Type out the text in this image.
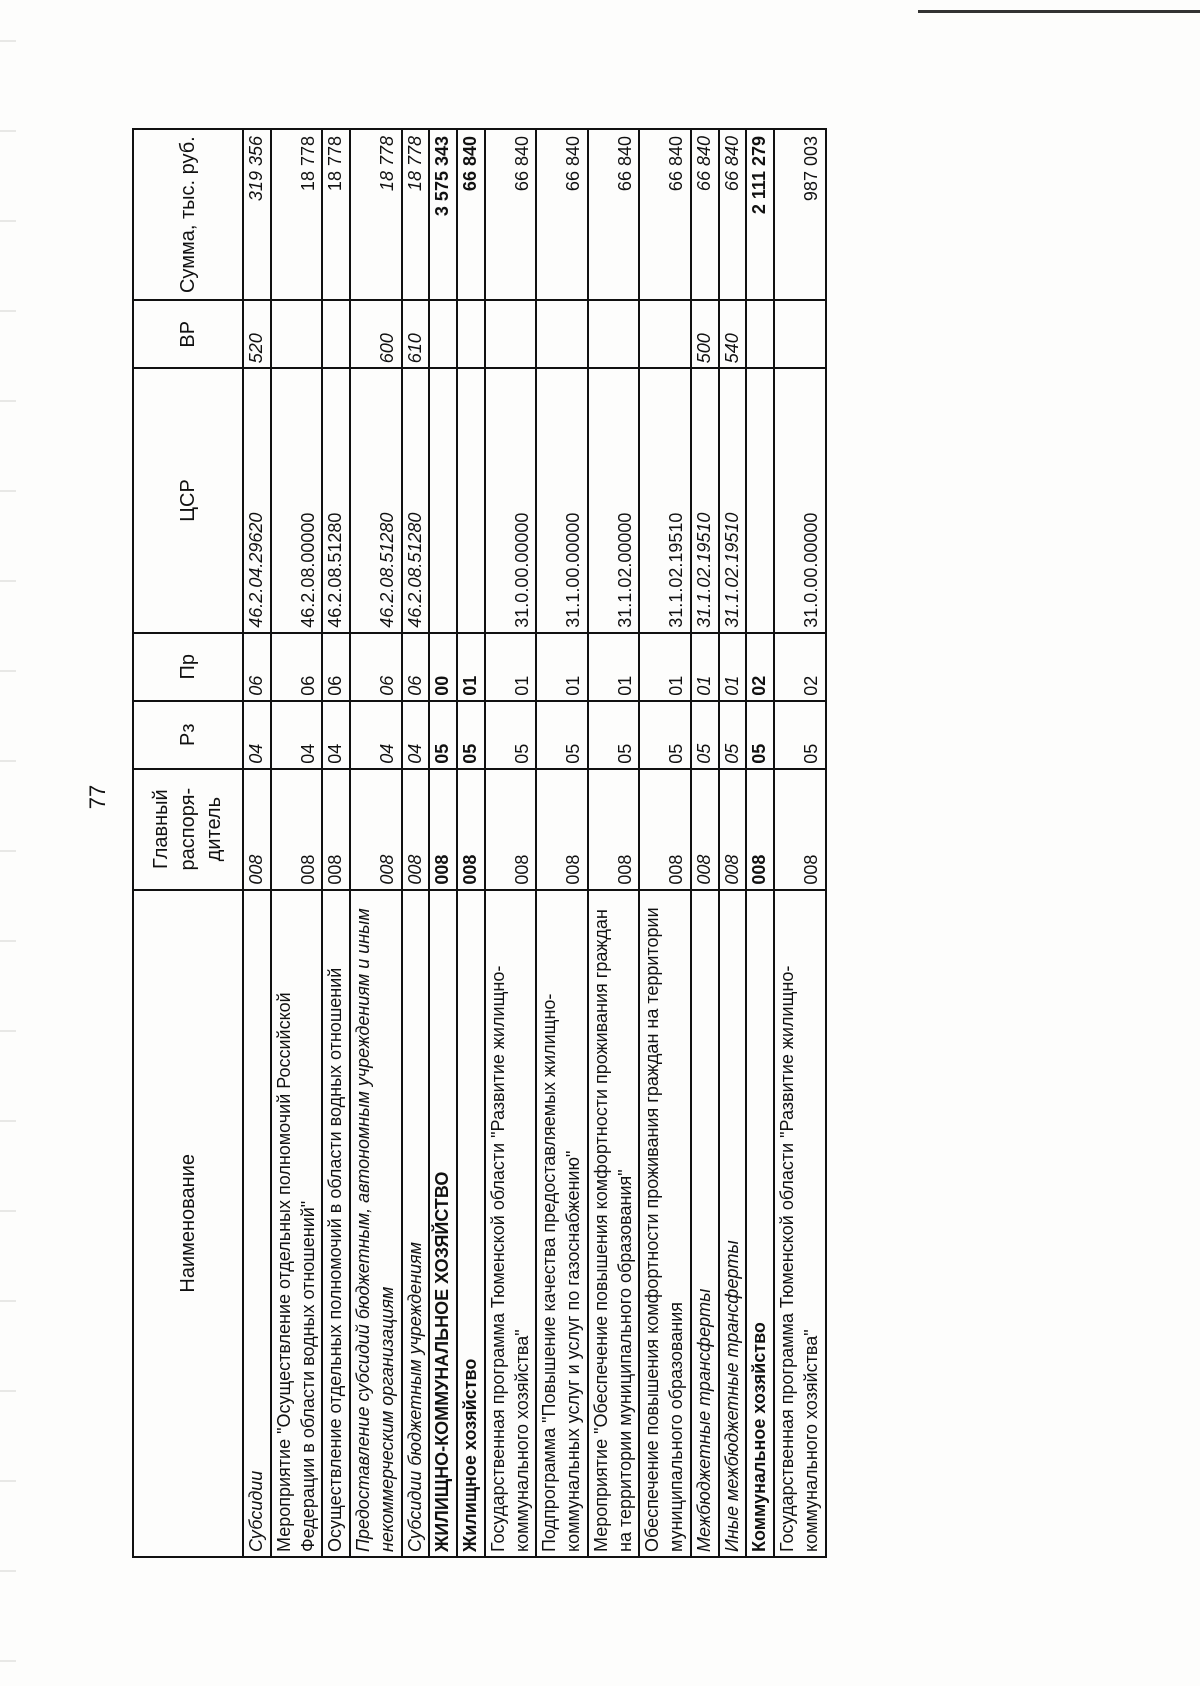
77
Наименование	Главный распоря-дитель	Рз	Пр	ЦСР	ВР	Сумма, тыс. руб.
Субсидии	008	04	06	46.2.04.29620	520	319 356
Мероприятие "Осуществление отдельных полномочий Российской Федерации в области водных отношений"	008	04	06	46.2.08.00000		18 778
Осуществление отдельных полномочий в области водных отношений	008	04	06	46.2.08.51280		18 778
Предоставление субсидий бюджетным, автономным учреждениям и иным некоммерческим организациям	008	04	06	46.2.08.51280	600	18 778
Субсидии бюджетным учреждениям	008	04	06	46.2.08.51280	610	18 778
ЖИЛИЩНО-КОММУНАЛЬНОЕ ХОЗЯЙСТВО	008	05	00			3 575 343
Жилищное хозяйство	008	05	01			66 840
Государственная программа Тюменской области "Развитие жилищно-коммунального хозяйства"	008	05	01	31.0.00.00000		66 840
Подпрограмма "Повышение качества предоставляемых жилищно-коммунальных услуг и услуг по газоснабжению"	008	05	01	31.1.00.00000		66 840
Мероприятие "Обеспечение повышения комфортности проживания граждан на территории муниципального образования"	008	05	01	31.1.02.00000		66 840
Обеспечение повышения комфортности проживания граждан на территории муниципального образования	008	05	01	31.1.02.19510		66 840
Межбюджетные трансферты	008	05	01	31.1.02.19510	500	66 840
Иные межбюджетные трансферты	008	05	01	31.1.02.19510	540	66 840
Коммунальное хозяйство	008	05	02			2 111 279
Государственная программа Тюменской области "Развитие жилищно-коммунального хозяйства"	008	05	02	31.0.00.00000		987 003
